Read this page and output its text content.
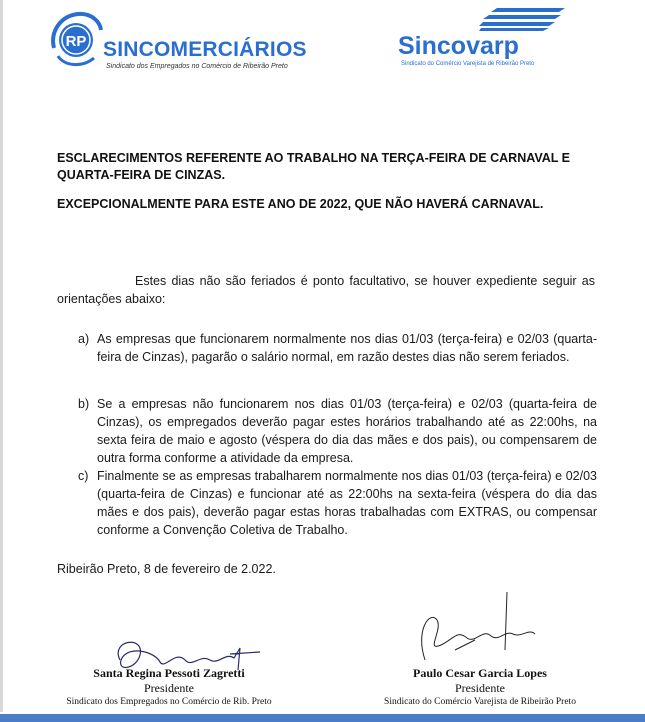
RP SINCOMERCIÁRIOS
Sindicato dos Empregados no Comércio de Ribeirão Preto
Sincovarp
Sindicato do Comércio Varejista de Ribeirão Preto
ESCLARECIMENTOS REFERENTE AO TRABALHO NA TERÇA-FEIRA DE CARNAVAL E QUARTA-FEIRA DE CINZAS.
EXCEPCIONALMENTE PARA ESTE ANO DE 2022, QUE NÃO HAVERÁ CARNAVAL.
Estes dias não são feriados é ponto facultativo, se houver expediente seguir as orientações abaixo:
a) As empresas que funcionarem normalmente nos dias 01/03 (terça-feira) e 02/03 (quarta-feira de Cinzas), pagarão o salário normal, em razão destes dias não serem feriados.
b) Se a empresas não funcionarem nos dias 01/03 (terça-feira) e 02/03 (quarta-feira de Cinzas), os empregados deverão pagar estes horários trabalhando até as 22:00hs, na sexta feira de maio e agosto (véspera do dia das mães e dos pais), ou compensarem de outra forma conforme a atividade da empresa.
c) Finalmente se as empresas trabalharem normalmente nos dias 01/03 (terça-feira) e 02/03 (quarta-feira de Cinzas) e funcionar até as 22:00hs na sexta-feira (véspera do dia das mães e dos pais), deverão pagar estas horas trabalhadas com EXTRAS, ou compensar conforme a Convenção Coletiva de Trabalho.
Ribeirão Preto, 8 de fevereiro de 2.022.
Santa Regina Pessoti Zagretti
Presidente
Sindicato dos Empregados no Comércio de Rib. Preto
Paulo Cesar Garcia Lopes
Presidente
Sindicato do Comércio Varejista de Ribeirão Preto
